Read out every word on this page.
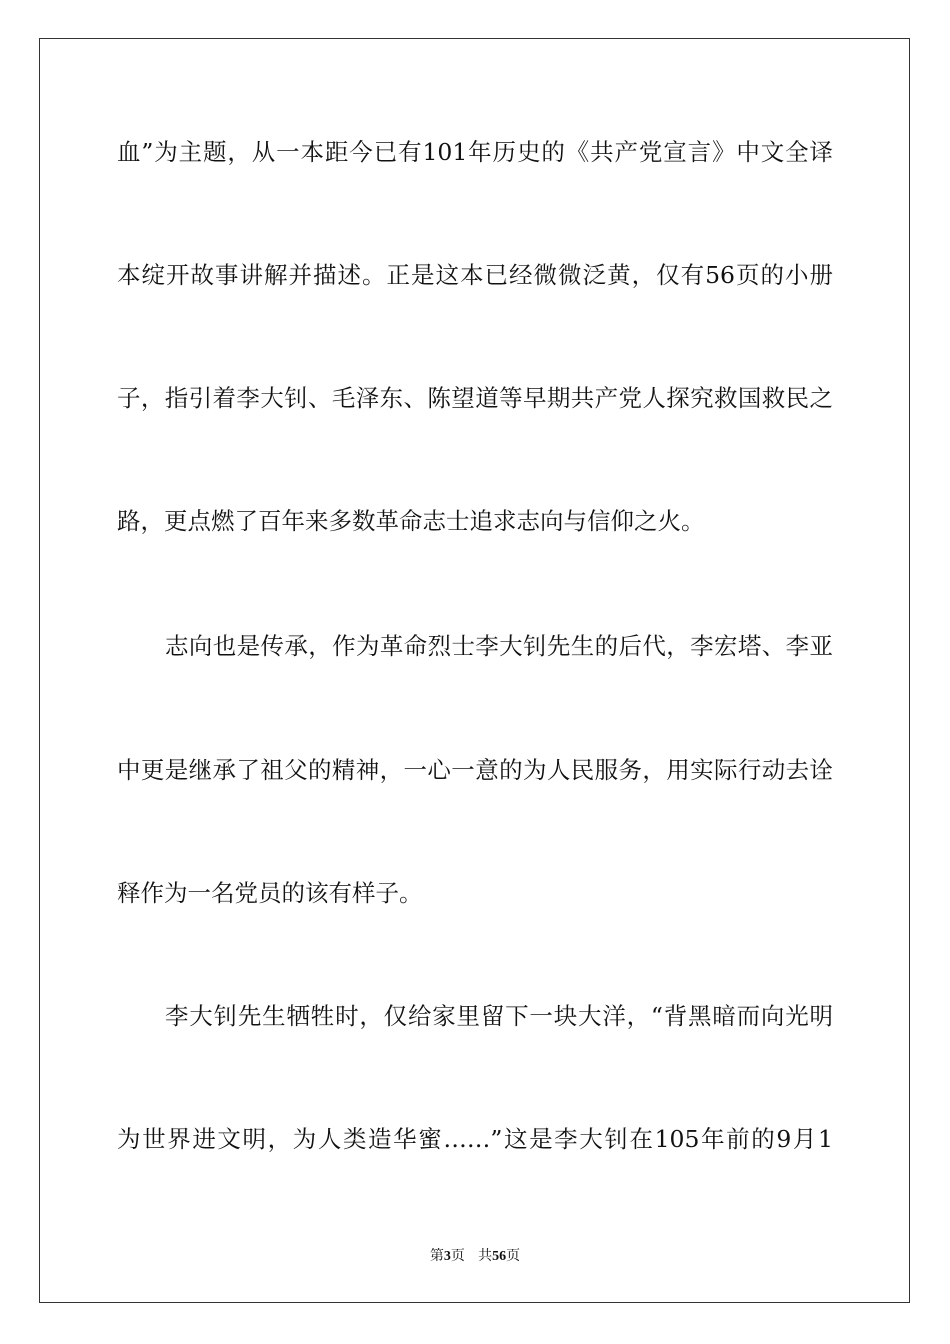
血”为主题，从一本距今已有101年历史的《共产党宣言》中文全译
本绽开故事讲解并描述。正是这本已经微微泛黄，仅有56页的小册
子，指引着李大钊、毛泽东、陈望道等早期共产党人探究救国救民之
路，更点燃了百年来多数革命志士追求志向与信仰之火。
志向也是传承，作为革命烈士李大钊先生的后代，李宏塔、李亚
中更是继承了祖父的精神，一心一意的为人民服务，用实际行动去诠
释作为一名党员的该有样子。
李大钊先生牺牲时，仅给家里留下一块大洋，“背黑暗而向光明
为世界进文明，为人类造华蜜……”这是李大钊在105年前的9月1
第3页 共56页
